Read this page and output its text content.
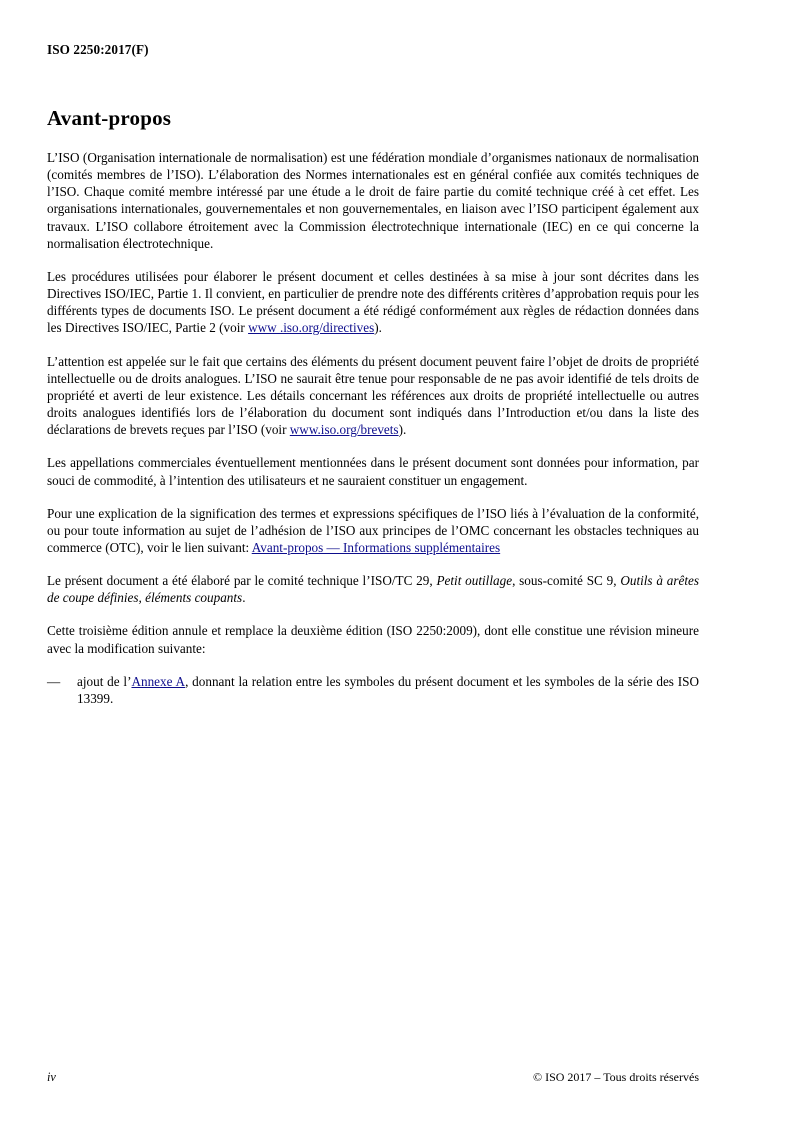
ISO 2250:2017(F)
Avant-propos

L’ISO (Organisation internationale de normalisation) est une fédération mondiale d’organismes nationaux de normalisation (comités membres de l’ISO). L’élaboration des Normes internationales est en général confiée aux comités techniques de l’ISO. Chaque comité membre intéressé par une étude a le droit de faire partie du comité technique créé à cet effet. Les organisations internationales, gouvernementales et non gouvernementales, en liaison avec l’ISO participent également aux travaux. L’ISO collabore étroitement avec la Commission électrotechnique internationale (IEC) en ce qui concerne la normalisation électrotechnique.

Les procédures utilisées pour élaborer le présent document et celles destinées à sa mise à jour sont décrites dans les Directives ISO/IEC, Partie 1. Il convient, en particulier de prendre note des différents critères d’approbation requis pour les différents types de documents ISO. Le présent document a été rédigé conformément aux règles de rédaction données dans les Directives ISO/IEC, Partie 2 (voir www .iso.org/directives).

L’attention est appelée sur le fait que certains des éléments du présent document peuvent faire l’objet de droits de propriété intellectuelle ou de droits analogues. L’ISO ne saurait être tenue pour responsable de ne pas avoir identifié de tels droits de propriété et averti de leur existence. Les détails concernant les références aux droits de propriété intellectuelle ou autres droits analogues identifiés lors de l’élaboration du document sont indiqués dans l’Introduction et/ou dans la liste des déclarations de brevets reçues par l’ISO (voir www.iso.org/brevets).

Les appellations commerciales éventuellement mentionnées dans le présent document sont données pour information, par souci de commodité, à l’intention des utilisateurs et ne sauraient constituer un engagement.

Pour une explication de la signification des termes et expressions spécifiques de l’ISO liés à l’évaluation de la conformité, ou pour toute information au sujet de l’adhésion de l’ISO aux principes de l’OMC concernant les obstacles techniques au commerce (OTC), voir le lien suivant: Avant-propos — Informations supplémentaires

Le présent document a été élaboré par le comité technique l’ISO/TC 29, Petit outillage, sous-comité SC 9, Outils à arêtes de coupe définies, éléments coupants.

Cette troisième édition annule et remplace la deuxième édition (ISO 2250:2009), dont elle constitue une révision mineure avec la modification suivante:

—	ajout de l’Annexe A, donnant la relation entre les symboles du présent document et les symboles de la série des ISO 13399.
iv	© ISO 2017 – Tous droits réservés
